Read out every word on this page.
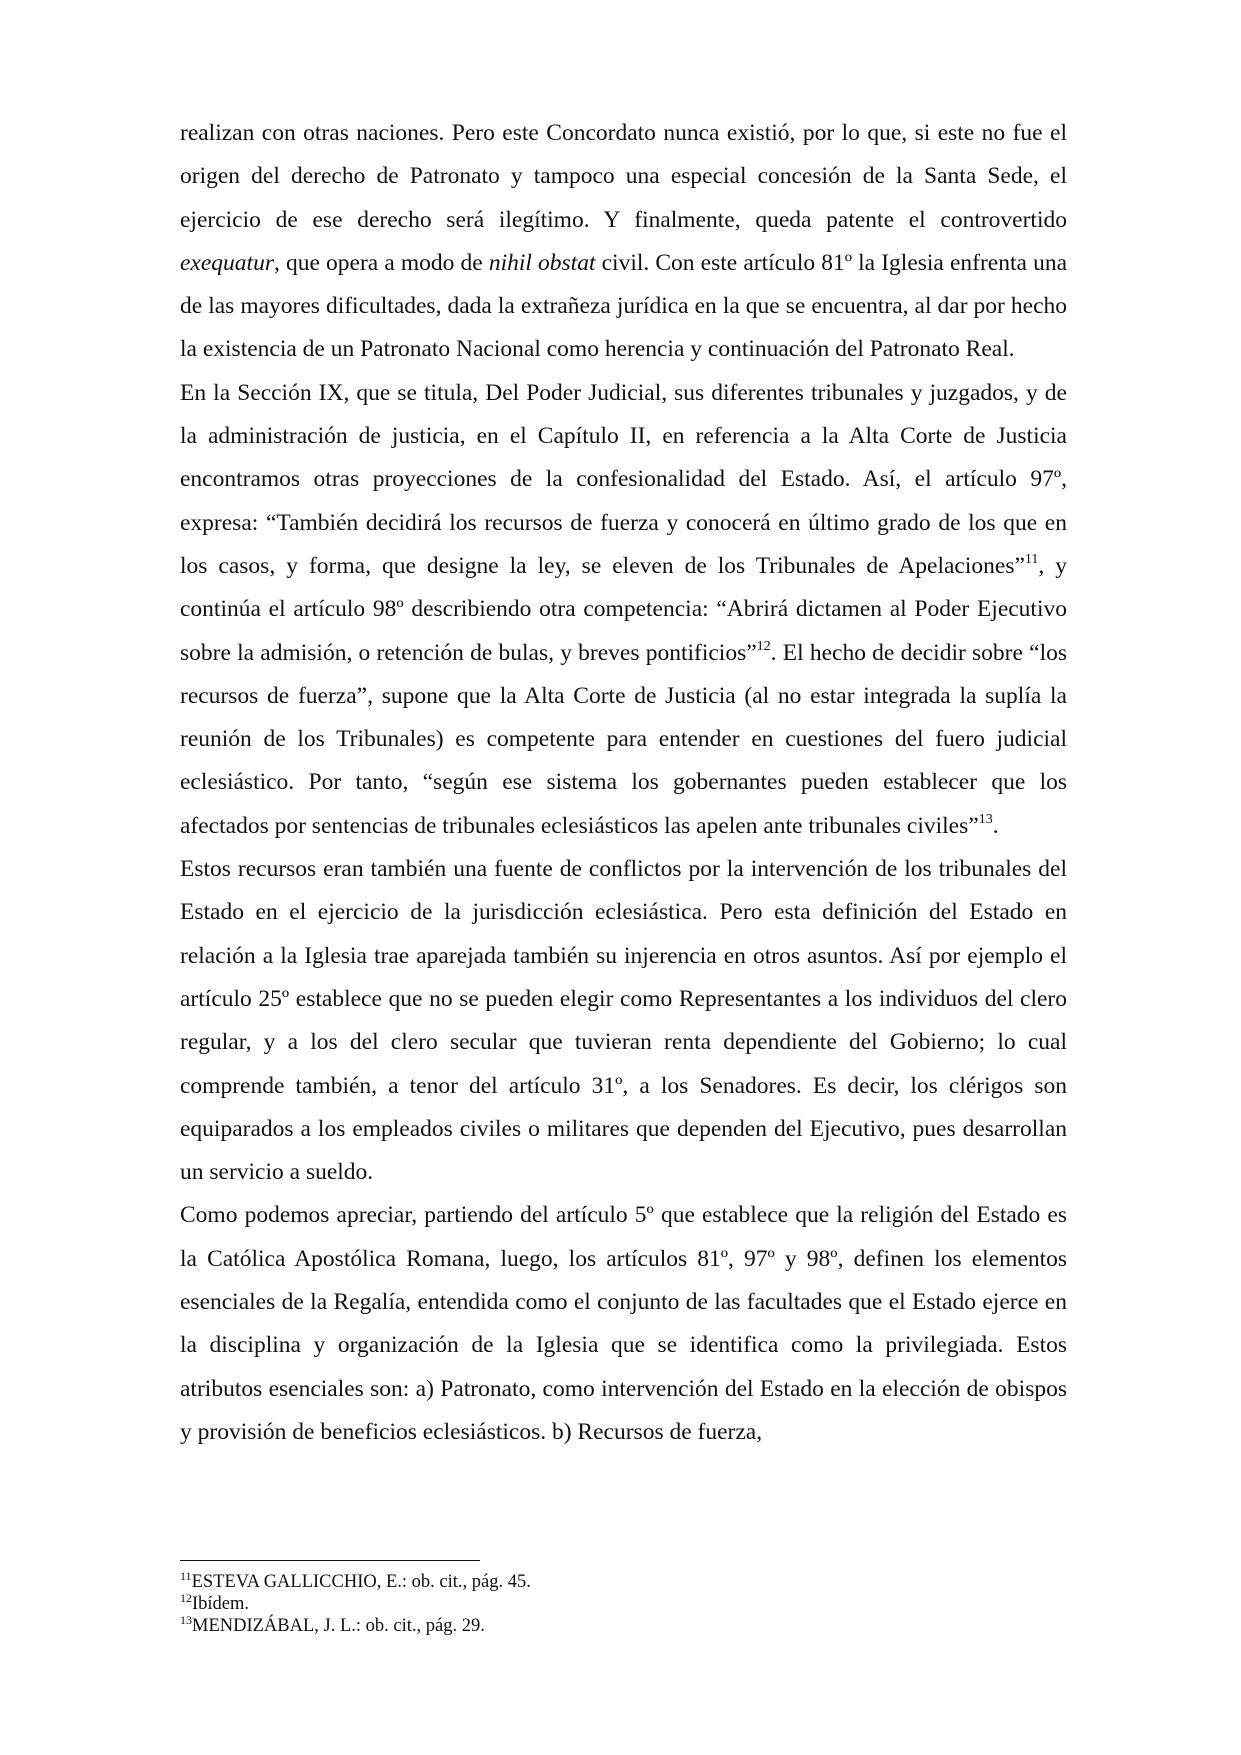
realizan con otras naciones. Pero este Concordato nunca existió, por lo que, si este no fue el origen del derecho de Patronato y tampoco una especial concesión de la Santa Sede, el ejercicio de ese derecho será ilegítimo. Y finalmente, queda patente el controvertido exequatur, que opera a modo de nihil obstat civil. Con este artículo 81º la Iglesia enfrenta una de las mayores dificultades, dada la extrañeza jurídica en la que se encuentra, al dar por hecho la existencia de un Patronato Nacional como herencia y continuación del Patronato Real.

En la Sección IX, que se titula, Del Poder Judicial, sus diferentes tribunales y juzgados, y de la administración de justicia, en el Capítulo II, en referencia a la Alta Corte de Justicia encontramos otras proyecciones de la confesionalidad del Estado. Así, el artículo 97º, expresa: “También decidirá los recursos de fuerza y conocerá en último grado de los que en los casos, y forma, que designe la ley, se eleven de los Tribunales de Apelaciones”$^{11}$, y continúa el artículo 98º describiendo otra competencia: “Abrirá dictamen al Poder Ejecutivo sobre la admisión, o retención de bulas, y breves pontificios”$^{12}$. El hecho de decidir sobre “los recursos de fuerza”, supone que la Alta Corte de Justicia (al no estar integrada la suplía la reunión de los Tribunales) es competente para entender en cuestiones del fuero judicial eclesiástico. Por tanto, “según ese sistema los gobernantes pueden establecer que los afectados por sentencias de tribunales eclesiásticos las apelen ante tribunales civiles”$^{13}$.

Estos recursos eran también una fuente de conflictos por la intervención de los tribunales del Estado en el ejercicio de la jurisdicción eclesiástica. Pero esta definición del Estado en relación a la Iglesia trae aparejada también su injerencia en otros asuntos. Así por ejemplo el artículo 25º establece que no se pueden elegir como Representantes a los individuos del clero regular, y a los del clero secular que tuvieran renta dependiente del Gobierno; lo cual comprende también, a tenor del artículo 31º, a los Senadores. Es decir, los clérigos son equiparados a los empleados civiles o militares que dependen del Ejecutivo, pues desarrollan un servicio a sueldo.

Como podemos apreciar, partiendo del artículo 5º que establece que la religión del Estado es la Católica Apostólica Romana, luego, los artículos 81º, 97º y 98º, definen los elementos esenciales de la Regalía, entendida como el conjunto de las facultades que el Estado ejerce en la disciplina y organización de la Iglesia que se identifica como la privilegiada. Estos atributos esenciales son: a) Patronato, como intervención del Estado en la elección de obispos y provisión de beneficios eclesiásticos. b) Recursos de fuerza,

$^{11}$ESTEVA GALLICCHIO, E.: ob. cit., pág. 45.

$^{12}$Ibídem.

$^{13}$MENDIZÁBAL, J. L.: ob. cit., pág. 29.
